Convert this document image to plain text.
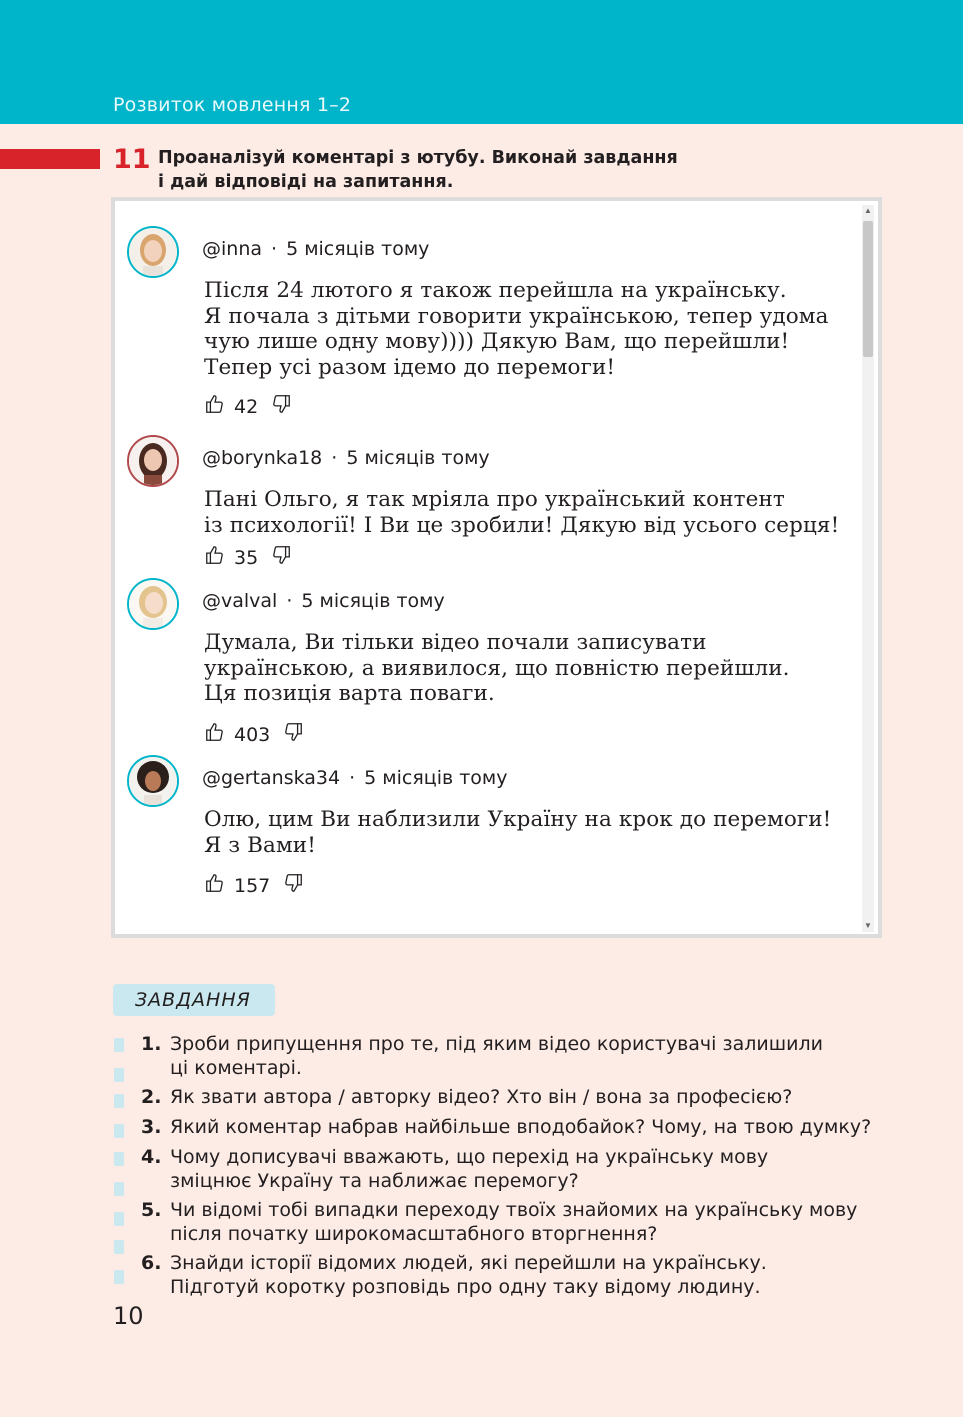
Розвиток мовлення 1–2
11 Проаналізуй коментарі з ютубу. Виконай завдання
і дай відповіді на запитання.
▲
▼
@inna · 5 місяців тому
Після 24 лютого я також перейшла на українську.
Я почала з дітьми говорити українською, тепер удома
чую лише одну мову)))) Дякую Вам, що перейшли!
Тепер усі разом ідемо до перемоги!
42
@borynka18 · 5 місяців тому
Пані Ольго, я так мріяла про український контент
із психології! І Ви це зробили! Дякую від усього серця!
35
@valval · 5 місяців тому
Думала, Ви тільки відео почали записувати
українською, а виявилося, що повністю перейшли.
Ця позиція варта поваги.
403
@gertanska34 · 5 місяців тому
Олю, цим Ви наблизили Україну на крок до перемоги!
Я з Вами!
157
ЗАВДАННЯ
1. Зроби припущення про те, під яким відео користувачі залишили
ці коментарі.
2. Як звати автора / авторку відео? Хто він / вона за професією?
3. Який коментар набрав найбільше вподобайок? Чому, на твою думку?
4. Чому дописувачі вважають, що перехід на українську мову
зміцнює Україну та наближає перемогу?
5. Чи відомі тобі випадки переходу твоїх знайомих на українську мову
після початку широкомасштабного вторгнення?
6. Знайди історії відомих людей, які перейшли на українську.
Підготуй коротку розповідь про одну таку відому людину.
10
